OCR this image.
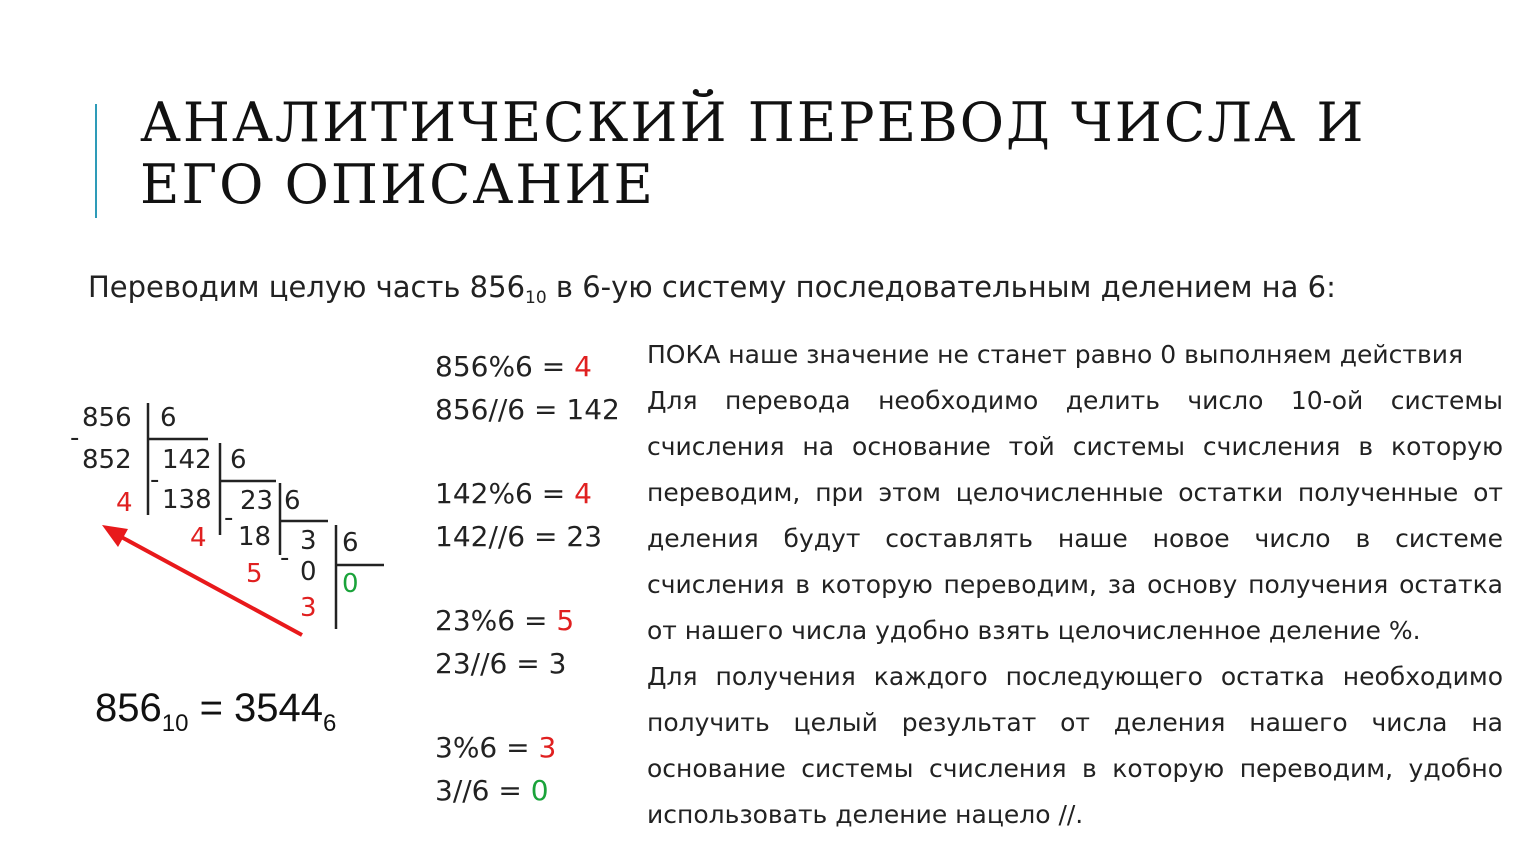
АНАЛИТИЧЕСКИЙ ПЕРЕВОД ЧИСЛА И ЕГО ОПИСАНИЕ
Переводим целую часть $856_{10}$ в 6-ую систему последовательным делением на 6:
856 6
-
852 142 6
4
-
138 23 6
4
-
18 3 6
-
5 0 0
3
$856_{10} = 3544_6$
856%6 = 4
856//6 = 142
142%6 = 4
142//6 = 23
23%6 = 5
23//6 = 3
3%6 = 3
3//6 = 0

ПОКА наше значение не станет равно 0 выполняем действия

Для перевода необходимо делить число 10-ой системы счисления на основание той системы счисления в которую переводим, при этом целочисленные остатки полученные от деления будут составлять наше новое число в системе счисления в которую переводим, за основу получения остатка от нашего числа удобно взять целочисленное деление %.

Для получения каждого последующего остатка необходимо получить целый результат от деления нашего числа на основание системы счисления в которую переводим, удобно использовать деление нацело //.
